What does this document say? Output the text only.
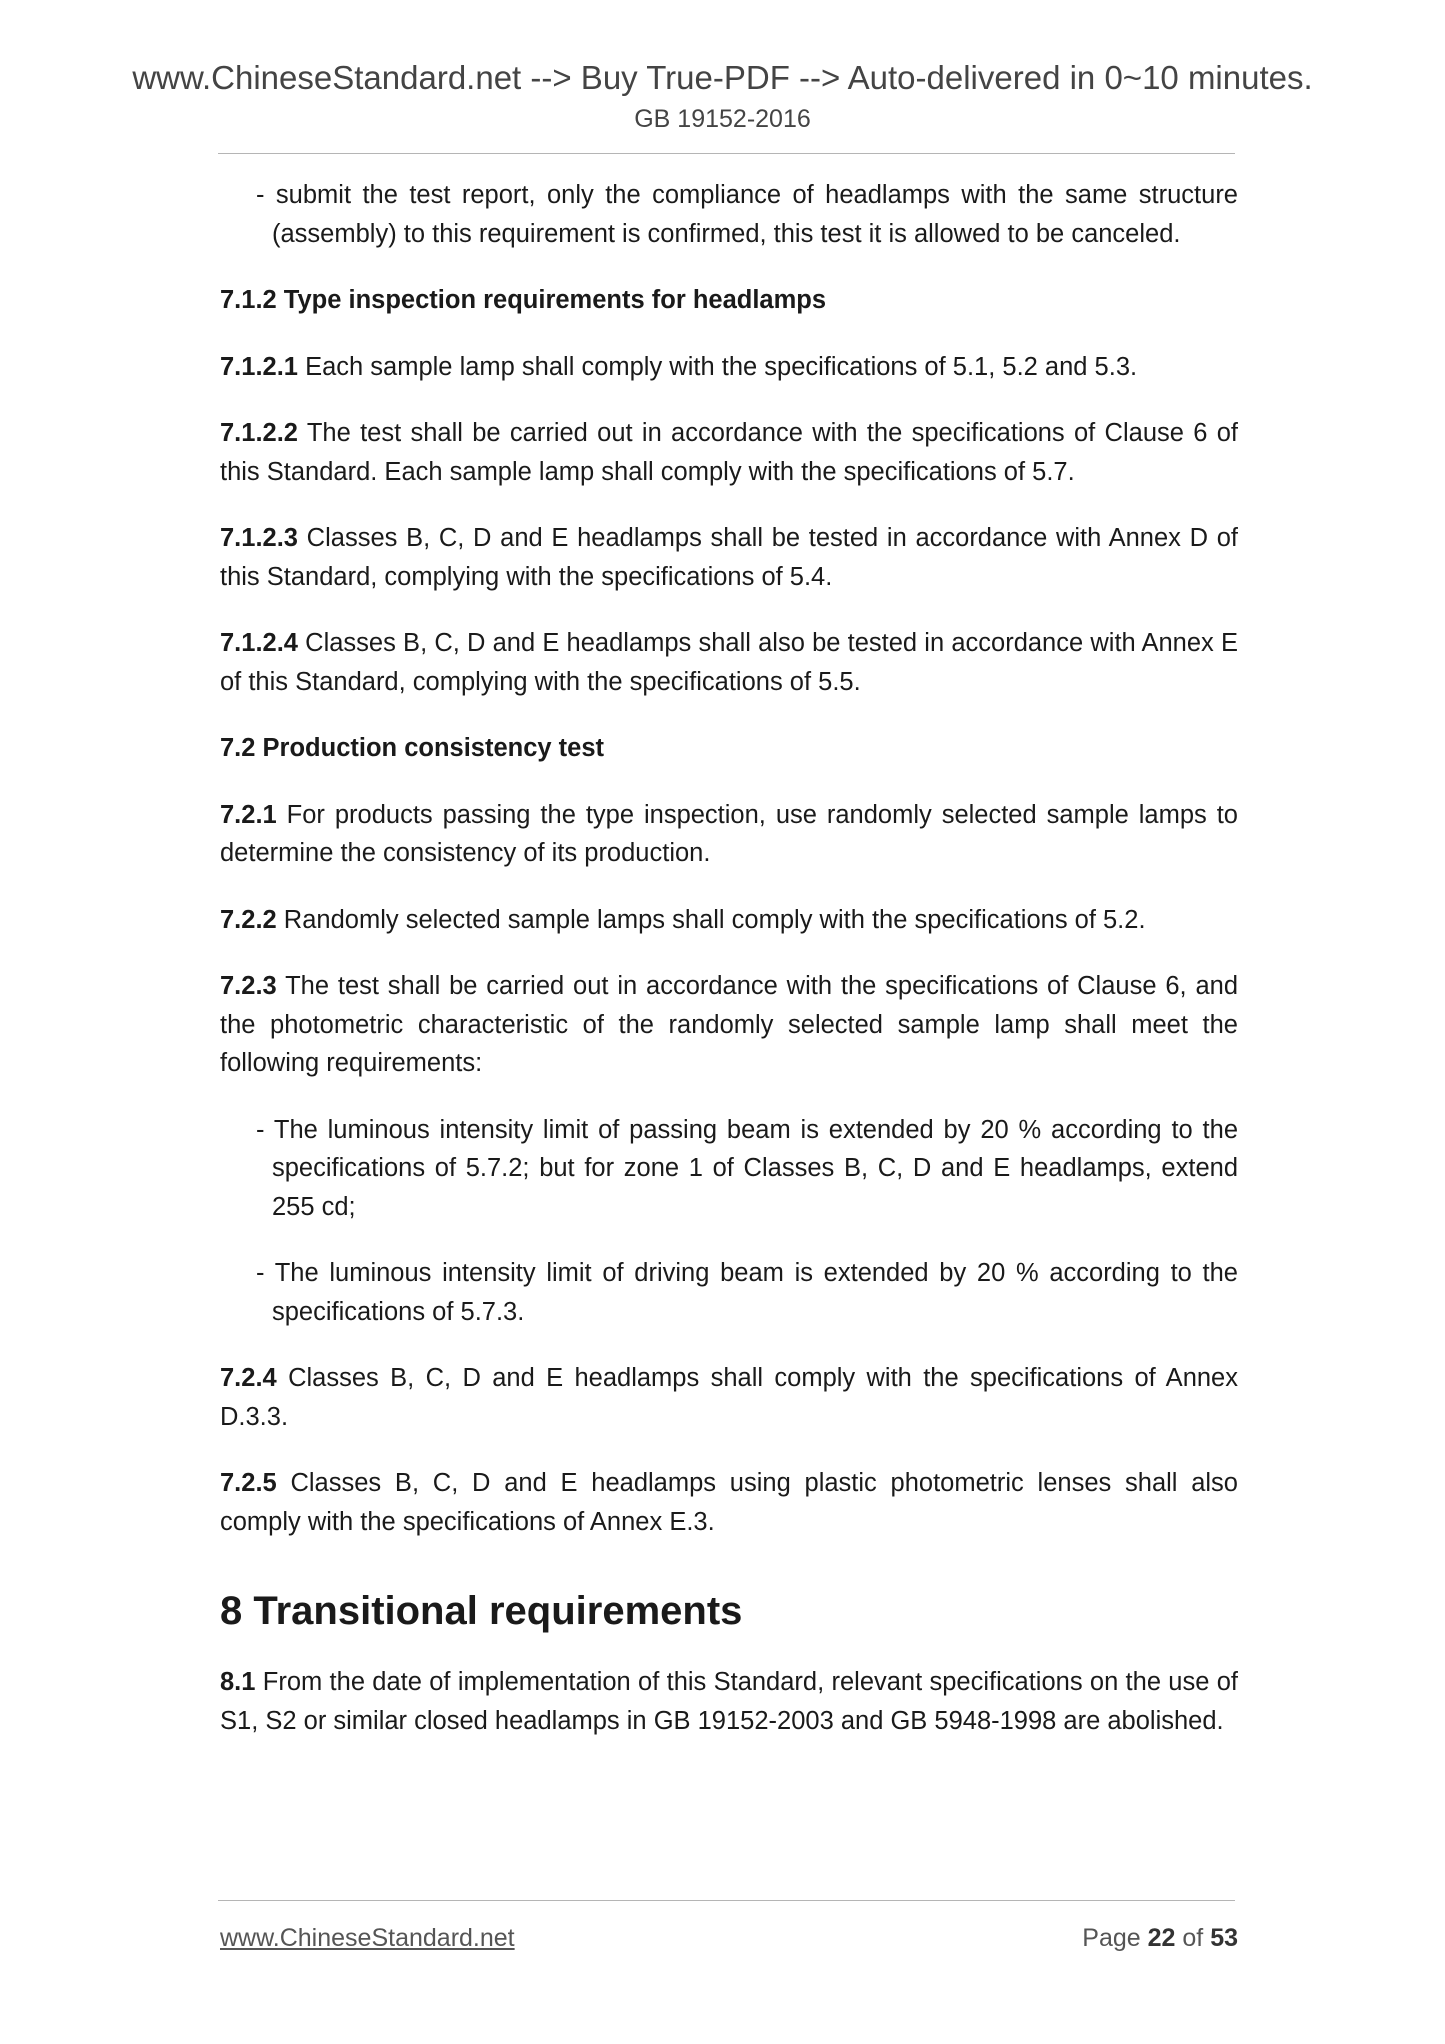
www.ChineseStandard.net --> Buy True-PDF --> Auto-delivered in 0~10 minutes.
GB 19152-2016

- submit the test report, only the compliance of headlamps with the same structure (assembly) to this requirement is confirmed, this test it is allowed to be canceled.

7.1.2 Type inspection requirements for headlamps

7.1.2.1 Each sample lamp shall comply with the specifications of 5.1, 5.2 and 5.3.

7.1.2.2 The test shall be carried out in accordance with the specifications of Clause 6 of this Standard. Each sample lamp shall comply with the specifications of 5.7.

7.1.2.3 Classes B, C, D and E headlamps shall be tested in accordance with Annex D of this Standard, complying with the specifications of 5.4.

7.1.2.4 Classes B, C, D and E headlamps shall also be tested in accordance with Annex E of this Standard, complying with the specifications of 5.5.

7.2 Production consistency test

7.2.1 For products passing the type inspection, use randomly selected sample lamps to determine the consistency of its production.

7.2.2 Randomly selected sample lamps shall comply with the specifications of 5.2.

7.2.3 The test shall be carried out in accordance with the specifications of Clause 6, and the photometric characteristic of the randomly selected sample lamp shall meet the following requirements:

- The luminous intensity limit of passing beam is extended by 20 % according to the specifications of 5.7.2; but for zone 1 of Classes B, C, D and E headlamps, extend 255 cd;

- The luminous intensity limit of driving beam is extended by 20 % according to the specifications of 5.7.3.

7.2.4 Classes B, C, D and E headlamps shall comply with the specifications of Annex D.3.3.

7.2.5 Classes B, C, D and E headlamps using plastic photometric lenses shall also comply with the specifications of Annex E.3.

8 Transitional requirements

8.1 From the date of implementation of this Standard, relevant specifications on the use of S1, S2 or similar closed headlamps in GB 19152-2003 and GB 5948-1998 are abolished.

www.ChineseStandard.net	Page 22 of 53
